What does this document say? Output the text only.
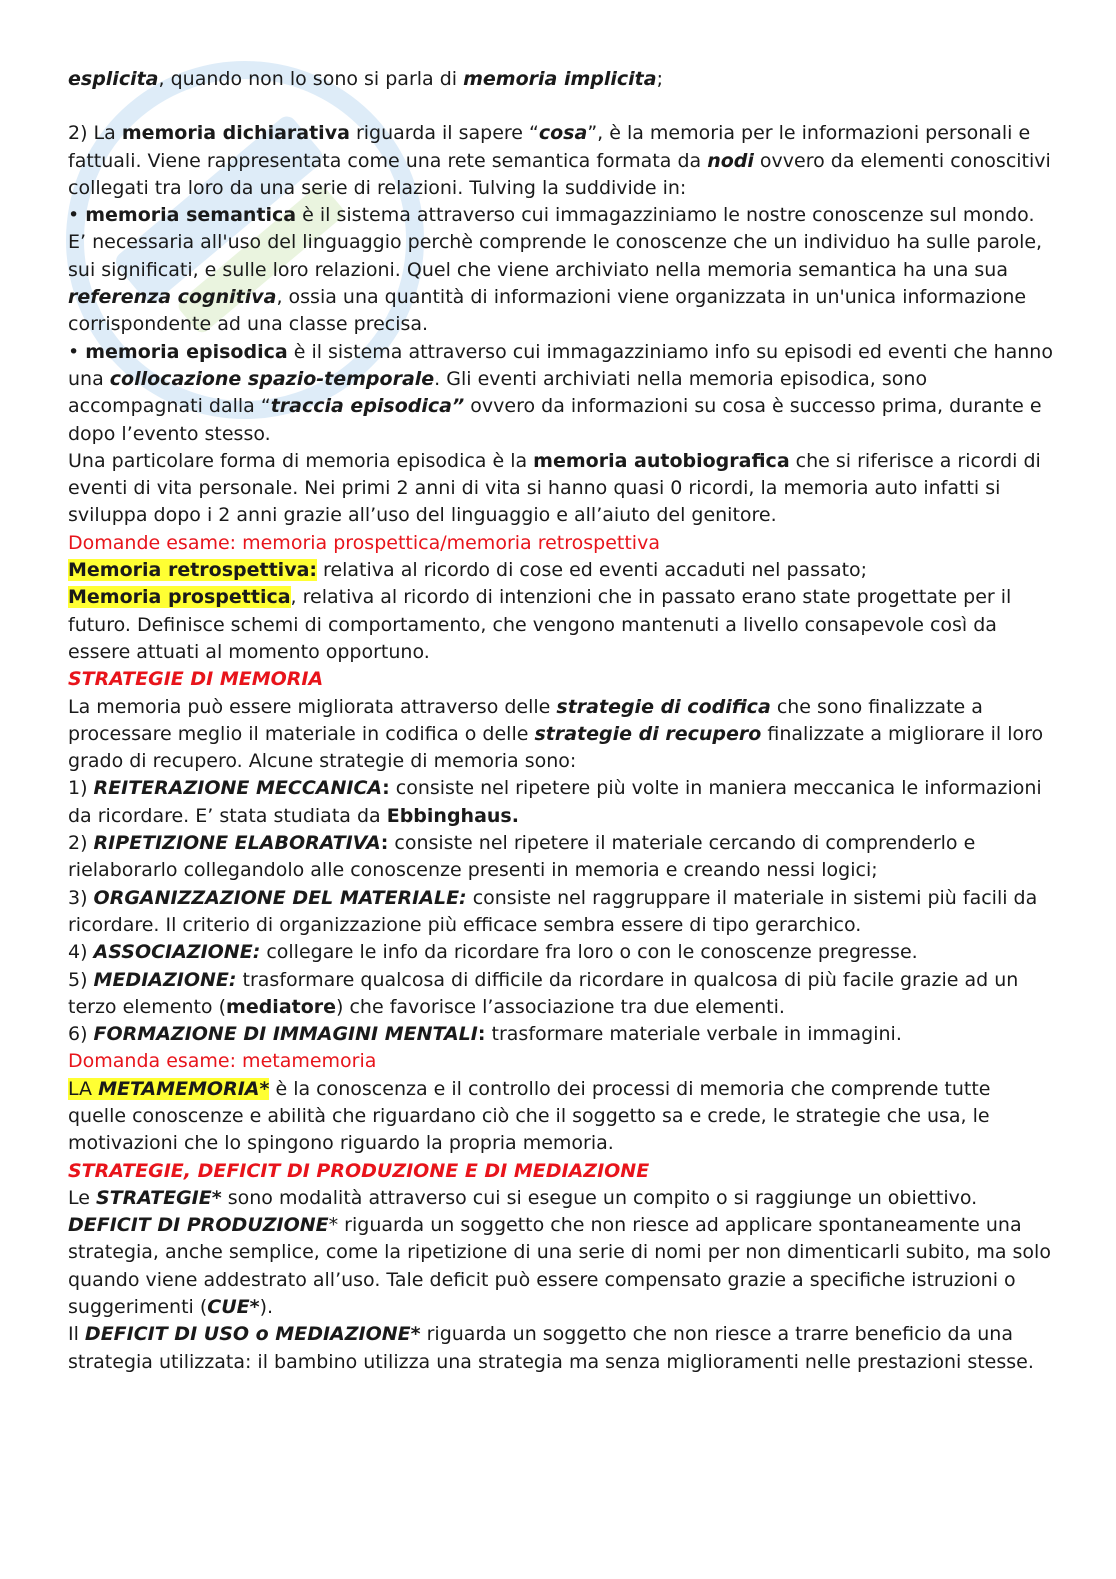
esplicita, quando non lo sono si parla di memoria implicita;

2) La memoria dichiarativa riguarda il sapere “cosa”, è la memoria per le informazioni personali e fattuali. Viene rappresentata come una rete semantica formata da nodi ovvero da elementi conoscitivi collegati tra loro da una serie di relazioni. Tulving la suddivide in:

• memoria semantica è il sistema attraverso cui immagazziniamo le nostre conoscenze sul mondo. E’ necessaria all'uso del linguaggio perchè comprende le conoscenze che un individuo ha sulle parole, sui significati, e sulle loro relazioni. Quel che viene archiviato nella memoria semantica ha una sua referenza cognitiva, ossia una quantità di informazioni viene organizzata in un'unica informazione corrispondente ad una classe precisa.

• memoria episodica è il sistema attraverso cui immagazziniamo info su episodi ed eventi che hanno una collocazione spazio-temporale. Gli eventi archiviati nella memoria episodica, sono accompagnati dalla “traccia episodica” ovvero da informazioni su cosa è successo prima, durante e dopo l’evento stesso.

Una particolare forma di memoria episodica è la memoria autobiografica che si riferisce a ricordi di eventi di vita personale. Nei primi 2 anni di vita si hanno quasi 0 ricordi, la memoria auto infatti si sviluppa dopo i 2 anni grazie all’uso del linguaggio e all’aiuto del genitore.

Domande esame: memoria prospettica/memoria retrospettiva

Memoria retrospettiva: relativa al ricordo di cose ed eventi accaduti nel passato;

Memoria prospettica, relativa al ricordo di intenzioni che in passato erano state progettate per il futuro. Definisce schemi di comportamento, che vengono mantenuti a livello consapevole così da essere attuati al momento opportuno.

STRATEGIE DI MEMORIA

La memoria può essere migliorata attraverso delle strategie di codifica che sono finalizzate a processare meglio il materiale in codifica o delle strategie di recupero finalizzate a migliorare il loro grado di recupero. Alcune strategie di memoria sono:

1) REITERAZIONE MECCANICA: consiste nel ripetere più volte in maniera meccanica le informazioni da ricordare. E’ stata studiata da Ebbinghaus.

2) RIPETIZIONE ELABORATIVA: consiste nel ripetere il materiale cercando di comprenderlo e rielaborarlo collegandolo alle conoscenze presenti in memoria e creando nessi logici;

3) ORGANIZZAZIONE DEL MATERIALE: consiste nel raggruppare il materiale in sistemi più facili da ricordare. Il criterio di organizzazione più efficace sembra essere di tipo gerarchico.

4) ASSOCIAZIONE: collegare le info da ricordare fra loro o con le conoscenze pregresse.

5) MEDIAZIONE: trasformare qualcosa di difficile da ricordare in qualcosa di più facile grazie ad un terzo elemento (mediatore) che favorisce l’associazione tra due elementi.

6) FORMAZIONE DI IMMAGINI MENTALI: trasformare materiale verbale in immagini.

Domanda esame: metamemoria

LA METAMEMORIA* è la conoscenza e il controllo dei processi di memoria che comprende tutte quelle conoscenze e abilità che riguardano ciò che il soggetto sa e crede, le strategie che usa, le motivazioni che lo spingono riguardo la propria memoria.

STRATEGIE, DEFICIT DI PRODUZIONE E DI MEDIAZIONE

Le STRATEGIE* sono modalità attraverso cui si esegue un compito o si raggiunge un obiettivo.

DEFICIT DI PRODUZIONE* riguarda un soggetto che non riesce ad applicare spontaneamente una strategia, anche semplice, come la ripetizione di una serie di nomi per non dimenticarli subito, ma solo quando viene addestrato all’uso. Tale deficit può essere compensato grazie a specifiche istruzioni o suggerimenti (CUE*).

Il DEFICIT DI USO o MEDIAZIONE* riguarda un soggetto che non riesce a trarre beneficio da una strategia utilizzata: il bambino utilizza una strategia ma senza miglioramenti nelle prestazioni stesse.
